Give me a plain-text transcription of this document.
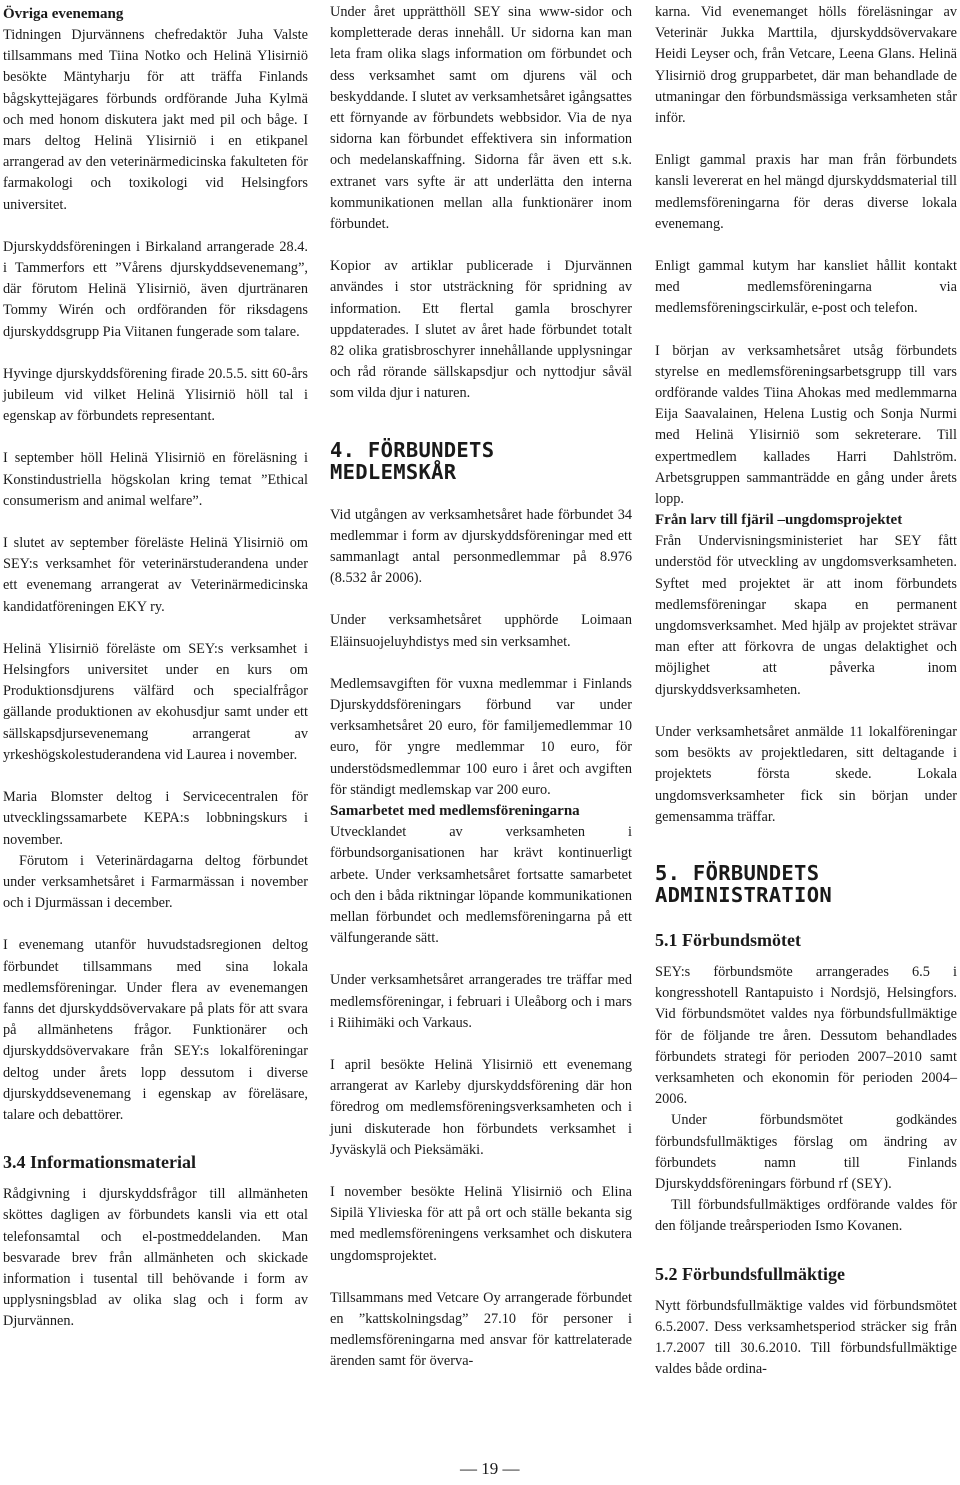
Övriga evenemang

Tidningen Djurvännens chefredaktör Juha Valste tillsammans med Tiina Notko och Helinä Ylisirniö besökte Mäntyharju för att träffa Finlands bågskyttejägares förbunds ordförande Juha Kylmä och med honom diskutera jakt med pil och båge. I mars deltog Helinä Ylisirniö i en etikpanel arrangerad av den veterinärmedicinska fakulteten för farmakologi och toxikologi vid Helsingfors universitet.

Djurskyddsföreningen i Birkaland arrangerade 28.4. i Tammerfors ett ”Vårens djurskyddsevenemang”, där förutom Helinä Ylisirniö, även djurtränaren Tommy Wirén och ordföranden för riksdagens djurskyddsgrupp Pia Viitanen fungerade som talare.

Hyvinge djurskyddsförening firade 20.5.5. sitt 60-års jubileum vid vilket Helinä Ylisirniö höll tal i egenskap av förbundets representant.

I september höll Helinä Ylisirniö en föreläsning i Konstindustriella högskolan kring temat ”Ethical consumerism and animal welfare”.

I slutet av september föreläste Helinä Ylisirniö om SEY:s verksamhet för veterinärstuderandena under ett evenemang arrangerat av Veterinärmedicinska kandidatföreningen EKY ry.

Helinä Ylisirniö föreläste om SEY:s verksamhet i Helsingfors universitet under en kurs om Produktionsdjurens välfärd och specialfrågor gällande produktionen av ekohusdjur samt under ett sällskapsdjursevenemang arrangerat av yrkeshögskolestuderandena vid Laurea i november.

Maria Blomster deltog i Servicecentralen för utvecklingssamarbete KEPA:s lobbningskurs i november.

Förutom i Veterinärdagarna deltog förbundet under verksamhetsåret i Farmarmässan i november och i Djurmässan i december.

I evenemang utanför huvudstadsregionen deltog förbundet tillsammans med sina lokala medlemsföreningar. Under flera av evenemangen fanns det djurskyddsövervakare på plats för att svara på allmänhetens frågor. Funktionärer och djurskyddsövervakare från SEY:s lokalföreningar deltog under årets lopp dessutom i diverse djurskyddsevenemang i egenskap av föreläsare, talare och debattörer.

3.4 Informationsmaterial

Rådgivning i djurskyddsfrågor till allmänheten sköttes dagligen av förbundets kansli via ett otal telefonsamtal och el-postmeddelanden. Man besvarade brev från allmänheten och skickade information i tusental till behövande i form av upplysningsblad av olika slag och i form av Djurvännen.

Under året upprätthöll SEY sina www-sidor och kompletterade deras innehåll. Ur sidorna kan man leta fram olika slags information om förbundet och dess verksamhet samt om djurens väl och beskyddande. I slutet av verksamhetsåret igångsattes ett förnyande av förbundets webbsidor. Via de nya sidorna kan förbundet effektivera sin information och medelanskaffning. Sidorna får även ett s.k. extranet vars syfte är att underlätta den interna kommunikationen mellan alla funktionärer inom förbundet.

Kopior av artiklar publicerade i Djurvännen användes i stor utsträckning för spridning av information. Ett flertal gamla broschyrer uppdaterades. I slutet av året hade förbundet totalt 82 olika gratisbroschyrer innehållande upplysningar och råd rörande sällskapsdjur och nyttodjur såväl som vilda djur i naturen.

4. FÖRBUNDETS
MEDLEMSKÅR

Vid utgången av verksamhetsåret hade förbundet 34 medlemmar i form av djurskyddsföreningar med ett sammanlagt antal personmedlemmar på 8.976 (8.532 år 2006).

Under verksamhetsåret upphörde Loimaan Eläinsuojeluyhdistys med sin verksamhet.

Medlemsavgiften för vuxna medlemmar i Finlands Djurskyddsföreningars förbund var under verksamhetsåret 20 euro, för familjemedlemmar 10 euro, för yngre medlemmar 10 euro, för understödsmedlemmar 100 euro i året och avgiften för ständigt medlemskap var 200 euro.

Samarbetet med medlemsföreningarna

Utvecklandet av verksamheten i förbundsorganisationen har krävt kontinuerligt arbete. Under verksamhetsåret fortsatte samarbetet och den i båda riktningar löpande kommunikationen mellan förbundet och medlemsföreningarna på ett välfungerande sätt.

Under verksamhetsåret arrangerades tre träffar med medlemsföreningar, i februari i Uleåborg och i mars i Riihimäki och Varkaus.

I april besökte Helinä Ylisirniö ett evenemang arrangerat av Karleby djurskyddsförening där hon föredrog om medlemsföreningsverksamheten och i juni diskuterade hon förbundets verksamhet i Jyväskylä och Pieksämäki.

I november besökte Helinä Ylisirniö och Elina Sipilä Ylivieska för att på ort och ställe bekanta sig med medlemsföreningens verksamhet och diskutera ungdomsprojektet.

Tillsammans med Vetcare Oy arrangerade förbundet en ”kattskolningsdag” 27.10 för personer i medlemsföreningarna med ansvar för kattrelaterade ärenden samt för överva-

karna. Vid evenemanget hölls föreläsningar av Veterinär Jukka Marttila, djurskyddsövervakare Heidi Leyser och, från Vetcare, Leena Glans. Helinä Ylisirniö drog grupparbetet, där man behandlade de utmaningar den förbundsmässiga verksamheten står inför.

Enligt gammal praxis har man från förbundets kansli levererat en hel mängd djurskyddsmaterial till medlemsföreningarna för deras diverse lokala evenemang.

Enligt gammal kutym har kansliet hållit kontakt med medlemsföreningarna via medlemsföreningscirkulär, e-post och telefon.

I början av verksamhetsåret utsåg förbundets styrelse en medlemsföreningsarbetsgrupp till vars ordförande valdes Tiina Ahokas med medlemmarna Eija Saavalainen, Helena Lustig och Sonja Nurmi med Helinä Ylisirniö som sekreterare. Till expertmedlem kallades Harri Dahlström. Arbetsgruppen sammanträdde en gång under årets lopp.

Från larv till fjäril –ungdomsprojektet

Från Undervisningsministeriet har SEY fått understöd för utveckling av ungdomsverksamheten. Syftet med projektet är att inom förbundets medlemsföreningar skapa en permanent ungdomsverksamhet. Med hjälp av projektet strävar man efter att förkovra de ungas delaktighet och möjlighet att påverka inom djurskyddsverksamheten.

Under verksamhetsåret anmälde 11 lokalföreningar som besökts av projektledaren, sitt deltagande i projektets första skede. Lokala ungdomsverksamheter fick sin början under gemensamma träffar.

5. FÖRBUNDETS
ADMINISTRATION

5.1 Förbundsmötet

SEY:s förbundsmöte arrangerades 6.5 i kongresshotell Rantapuisto i Nordsjö, Helsingfors. Vid förbundsmötet valdes nya förbundsfullmäktige för de följande tre åren. Dessutom behandlades förbundets strategi för perioden 2007–2010 samt verksamheten och ekonomin för perioden 2004–2006.

Under förbundsmötet godkändes förbundsfullmäktiges förslag om ändring av förbundets namn till Finlands Djurskyddsföreningars förbund rf (SEY).

Till förbundsfullmäktiges ordförande valdes för den följande treårsperioden Ismo Kovanen.

5.2 Förbundsfullmäktige

Nytt förbundsfullmäktige valdes vid förbundsmötet 6.5.2007. Dess verksamhetsperiod sträcker sig från 1.7.2007 till 30.6.2010. Till förbundsfullmäktige valdes både ordina-

— 19 —
